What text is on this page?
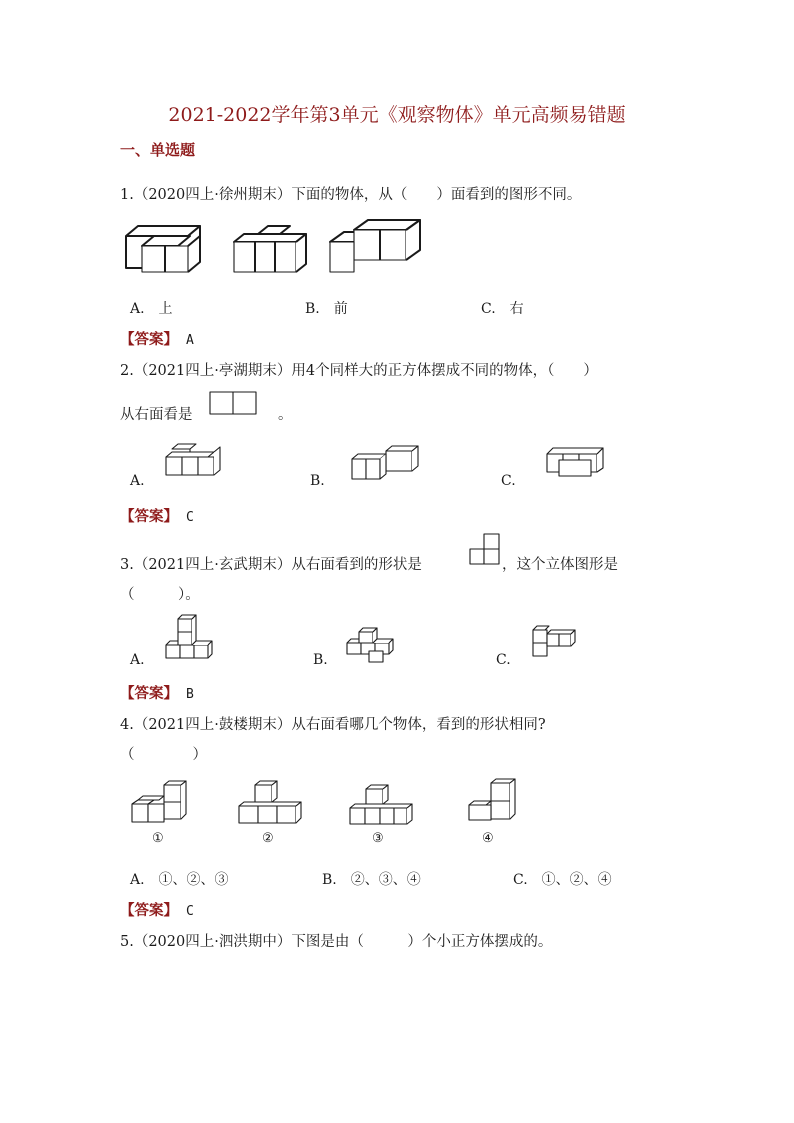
2021-2022学年第3单元《观察物体》单元高频易错题
一、单选题
1.（2020四上·徐州期末）下面的物体，从（　　）面看到的图形不同。
A.　上	B.　前	C.　右
【答案】 A
2.（2021四上·亭湖期末）用4个同样大的正方体摆成不同的物体，（　　）
从右面看是	。
A.	B.	C.
【答案】 C
3.（2021四上·玄武期末）从右面看到的形状是	，这个立体图形是
（　　　）。
A.	B.	C.
【答案】 B
4.（2021四上·鼓楼期末）从右面看哪几个物体，看到的形状相同?
（　　　　）
①	②	③	④
A.　①、②、③	B.　②、③、④	C.　①、②、④
【答案】 C
5.（2020四上·泗洪期中）下图是由（　　　）个小正方体摆成的。
